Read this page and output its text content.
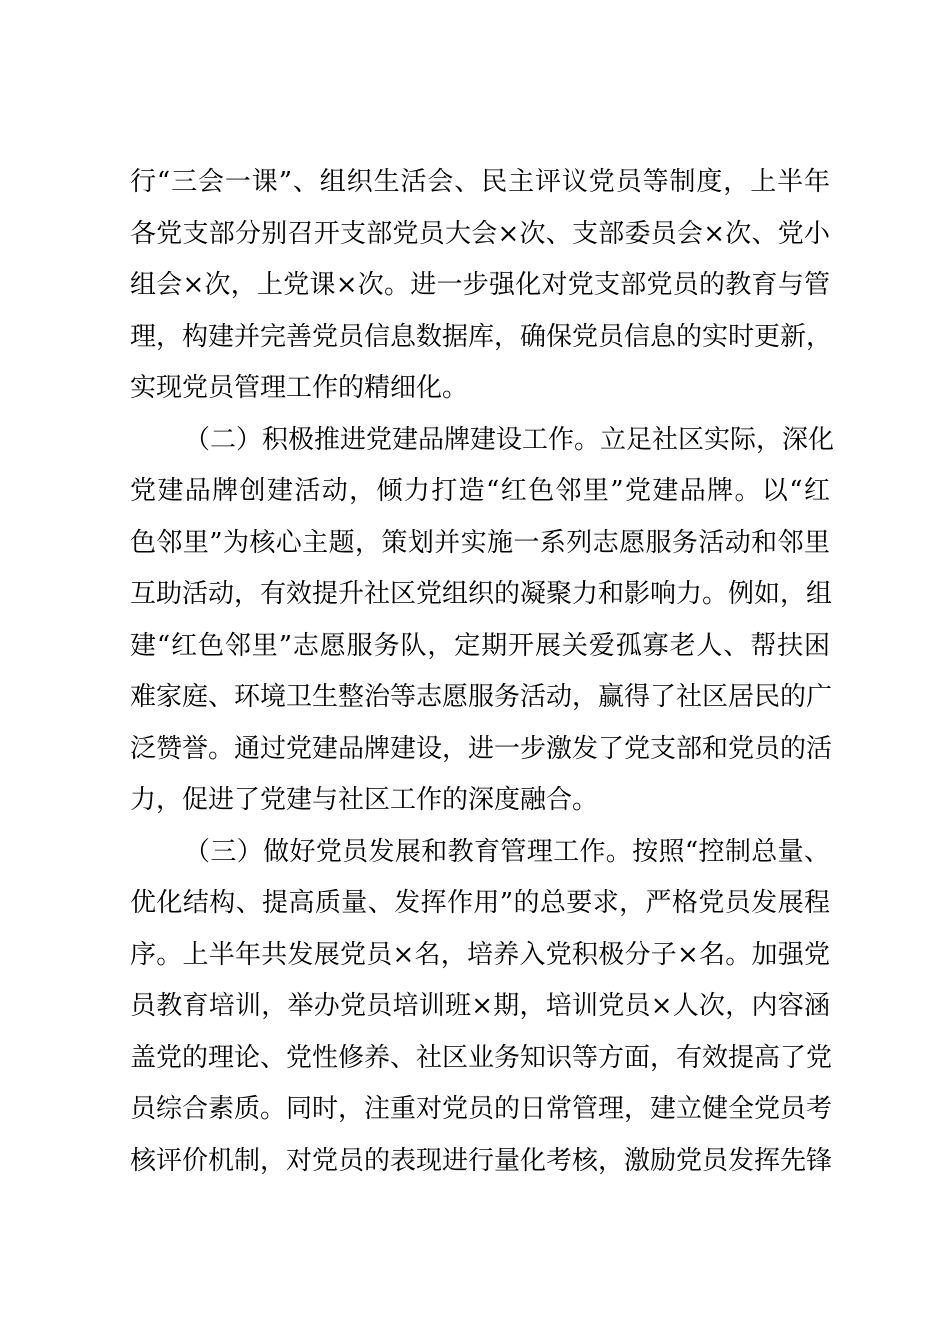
行“三会一课”、组织生活会、民主评议党员等制度，上半年
各党支部分别召开支部党员大会×次、支部委员会×次、党小
组会×次，上党课×次。进一步强化对党支部党员的教育与管
理，构建并完善党员信息数据库，确保党员信息的实时更新，
实现党员管理工作的精细化。
（二）积极推进党建品牌建设工作。立足社区实际，深化
党建品牌创建活动，倾力打造“红色邻里”党建品牌。以“红
色邻里”为核心主题，策划并实施一系列志愿服务活动和邻里
互助活动，有效提升社区党组织的凝聚力和影响力。例如，组
建“红色邻里”志愿服务队，定期开展关爱孤寡老人、帮扶困
难家庭、环境卫生整治等志愿服务活动，赢得了社区居民的广
泛赞誉。通过党建品牌建设，进一步激发了党支部和党员的活
力，促进了党建与社区工作的深度融合。
（三）做好党员发展和教育管理工作。按照“控制总量、
优化结构、提高质量、发挥作用”的总要求，严格党员发展程
序。上半年共发展党员×名，培养入党积极分子×名。加强党
员教育培训，举办党员培训班×期，培训党员×人次，内容涵
盖党的理论、党性修养、社区业务知识等方面，有效提高了党
员综合素质。同时，注重对党员的日常管理，建立健全党员考
核评价机制，对党员的表现进行量化考核，激励党员发挥先锋
